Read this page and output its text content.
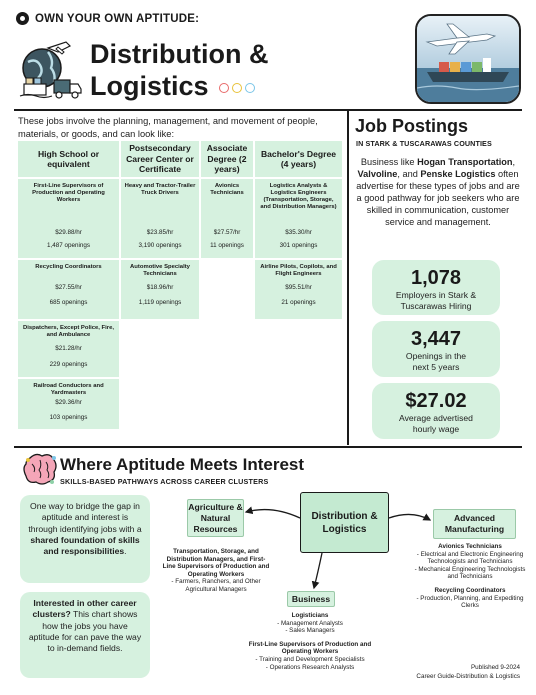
OWN YOUR OWN APTITUDE:
Distribution &
Logistics
These jobs involve the planning, management, and movement of people, materials, or goods, and can look like:
High School or equivalent
First-Line Supervisors of Production and Operating Workers
$29.88/hr
1,487 openings
Recycling Coordinators
$27.55/hr
685 openings
Dispatchers, Except Police, Fire, and Ambulance
$21.28/hr
229 openings
Railroad Conductors and Yardmasters
$29.36/hr
103 openings
Postsecondary Career Center or Certificate
Heavy and Tractor-Trailer Truck Drivers
$23.85/hr
3,190 openings
Automotive Specialty Technicians
$18.96/hr
1,119 openings
Associate Degree (2 years)
Avionics Technicians
$27.57/hr
11 openings
Bachelor's Degree (4 years)
Logistics Analysts & Logistics Engineers (Transportation, Storage, and Distribution Managers)
$35.30/hr
301 openings
Airline Pilots, Copilots, and Flight Engineers
$95.51/hr
21 openings
Job Postings
IN STARK & TUSCARAWAS COUNTIES
Business like Hogan Transportation, Valvoline, and Penske Logistics often advertise for these types of jobs and are a good pathway for job seekers who are skilled in communication, customer service and management.
1,078
Employers in Stark & Tuscarawas Hiring
3,447
Openings in the next 5 years
$27.02
Average advertised hourly wage
Where Aptitude Meets Interest
SKILLS-BASED PATHWAYS ACROSS CAREER CLUSTERS
One way to bridge the gap in aptitude and interest is through identifying jobs with a shared foundation of skills and responsibilities.
Interested in other career clusters? This chart shows how the jobs you have aptitude for can pave the way to in-demand fields.
Distribution & Logistics
Agriculture & Natural Resources
Transportation, Storage, and Distribution Managers, and First-Line Supervisors of Production and Operating Workers
- Farmers, Ranchers, and Other Agricultural Managers
Advanced Manufacturing
Avionics Technicians
- Electrical and Electronic Engineering Technologists and Technicians
- Mechanical Engineering Technologists and Technicians
Recycling Coordinators
- Production, Planning, and Expediting Clerks
Business
Logisticians
- Management Analysts
- Sales Managers
First-Line Supervisors of Production and Operating Workers
- Training and Development Specialists
- Operations Research Analysts	Published 9-2024
Career Guide-Distribution & Logistics
